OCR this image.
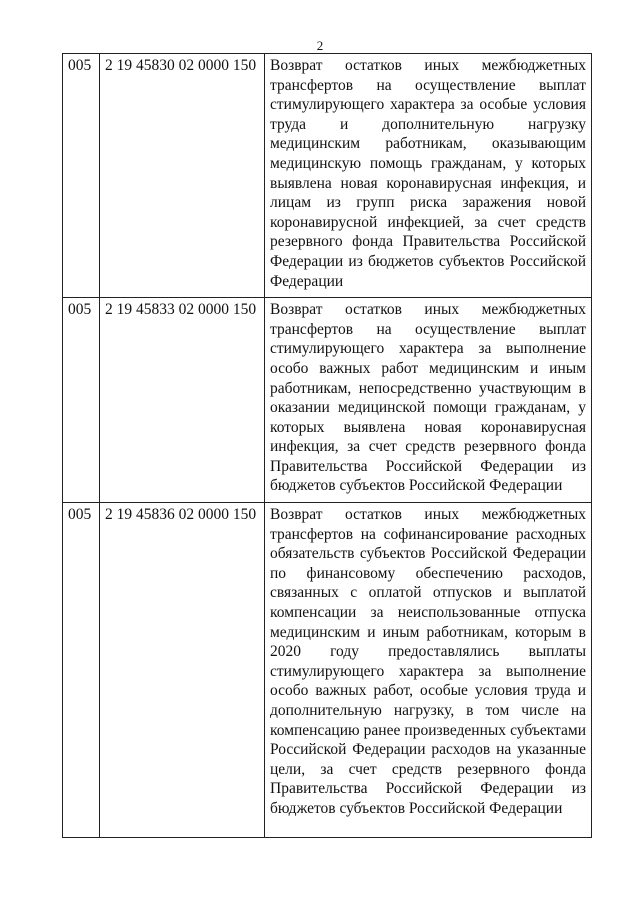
2
005	2 19 45830 02 0000 150	Возврат остатков иных межбюджетных трансфертов на осуществление выплат стимулирующего характера за особые условия труда и дополнительную нагрузку медицинским работникам, оказывающим медицинскую помощь гражданам, у которых выявлена новая коронавирусная инфекция, и лицам из групп риска заражения новой коронавирусной инфекцией, за счет средств резервного фонда Правительства Российской Федерации из бюджетов субъектов Российской Федерации
005	2 19 45833 02 0000 150	Возврат остатков иных межбюджетных трансфертов на осуществление выплат стимулирующего характера за выполнение особо важных работ медицинским и иным работникам, непосредственно участвующим в оказании медицинской помощи гражданам, у которых выявлена новая коронавирусная инфекция, за счет средств резервного фонда Правительства Российской Федерации из бюджетов субъектов Российской Федерации
005	2 19 45836 02 0000 150	Возврат остатков иных межбюджетных трансфертов на софинансирование расходных обязательств субъектов Российской Федерации по финансовому обеспечению расходов, связанных с оплатой отпусков и выплатой компенсации за неиспользованные отпуска медицинским и иным работникам, которым в 2020 году предоставлялись выплаты стимулирующего характера за выполнение особо важных работ, особые условия труда и дополнительную нагрузку, в том числе на компенсацию ранее произведенных субъектами Российской Федерации расходов на указанные цели, за счет средств резервного фонда Правительства Российской Федерации из бюджетов субъектов Российской Федерации
